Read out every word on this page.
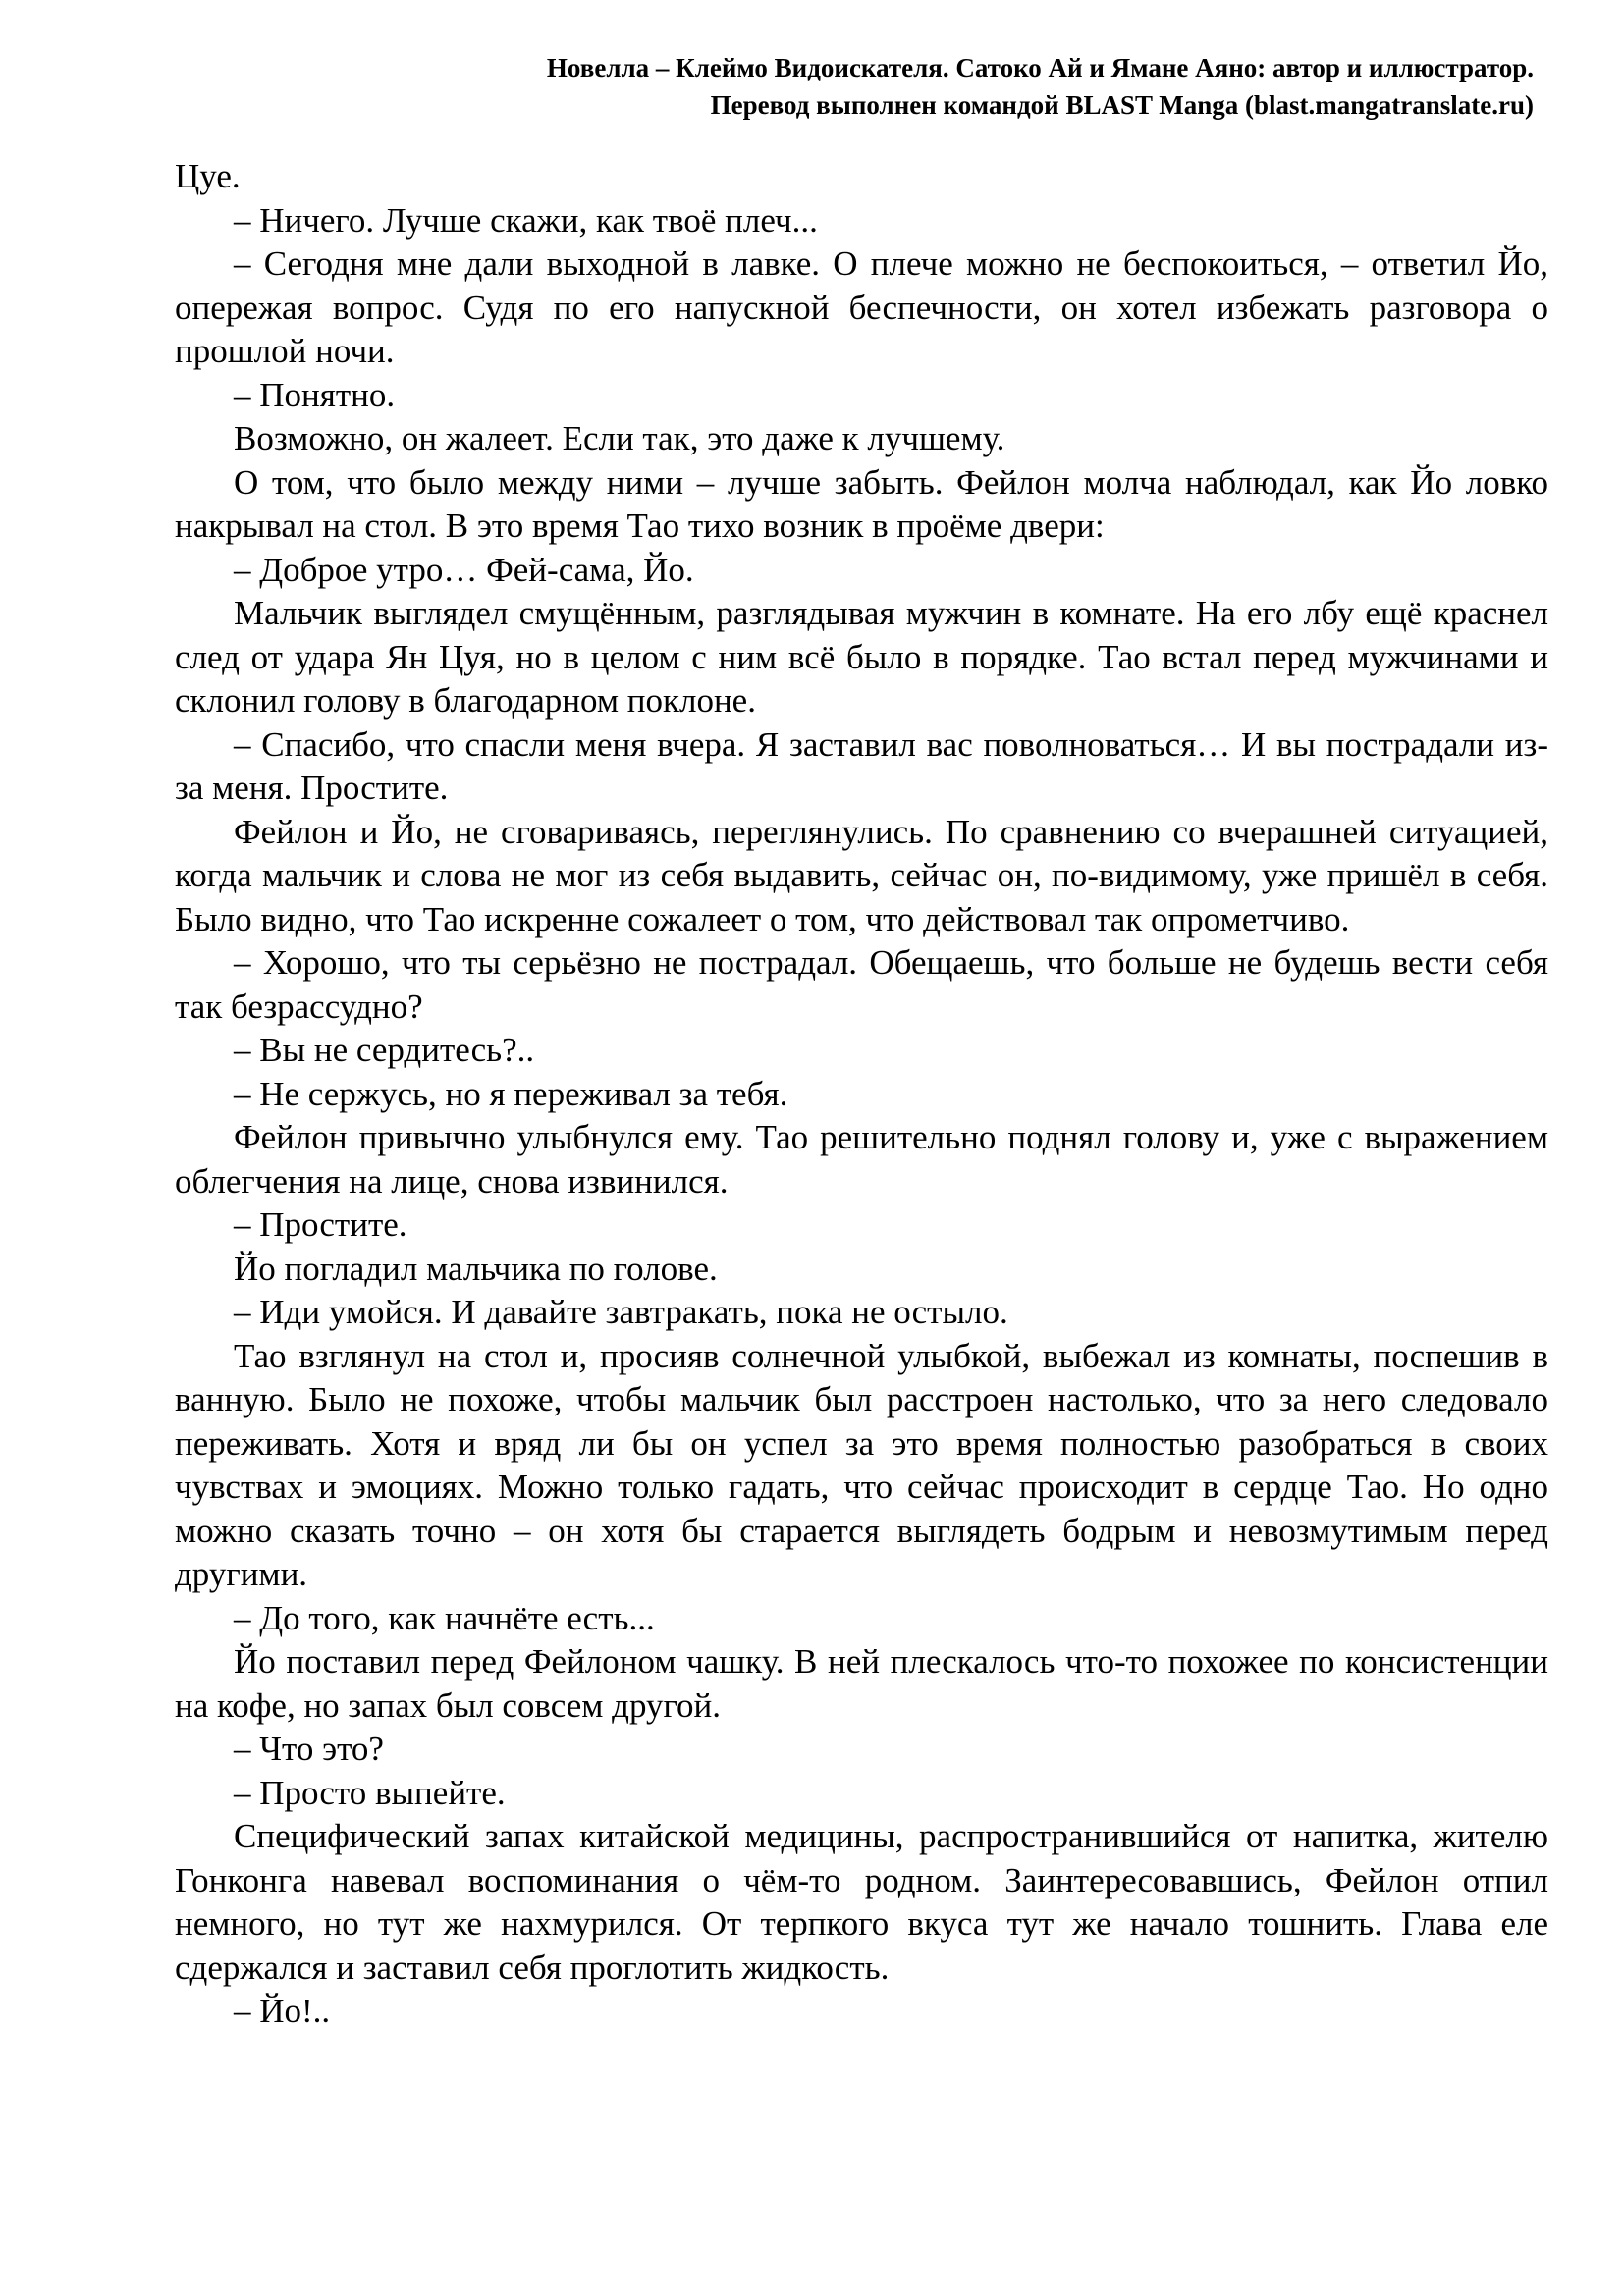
Новелла – Клеймо Видоискателя. Сатоко Ай и Ямане Аяно: автор и иллюстратор.
Перевод выполнен командой BLAST Manga (blast.mangatranslate.ru)

Цуе.

– Ничего. Лучше скажи, как твоё плеч...

– Сегодня мне дали выходной в лавке. О плече можно не беспокоиться, – ответил Йо, опережая вопрос. Судя по его напускной беспечности, он хотел избежать разговора о прошлой ночи.

– Понятно.

Возможно, он жалеет. Если так, это даже к лучшему.

О том, что было между ними – лучше забыть. Фейлон молча наблюдал, как Йо ловко накрывал на стол. В это время Тао тихо возник в проёме двери:

– Доброе утро… Фей-сама, Йо.

Мальчик выглядел смущённым, разглядывая мужчин в комнате. На его лбу ещё краснел след от удара Ян Цуя, но в целом с ним всё было в порядке. Тао встал перед мужчинами и склонил голову в благодарном поклоне.

– Спасибо, что спасли меня вчера. Я заставил вас поволноваться… И вы пострадали из-за меня. Простите.

Фейлон и Йо, не сговариваясь, переглянулись. По сравнению со вчерашней ситуацией, когда мальчик и слова не мог из себя выдавить, сейчас он, по-видимому, уже пришёл в себя. Было видно, что Тао искренне сожалеет о том, что действовал так опрометчиво.

– Хорошо, что ты серьёзно не пострадал. Обещаешь, что больше не будешь вести себя так безрассудно?

– Вы не сердитесь?..

– Не сержусь, но я переживал за тебя.

Фейлон привычно улыбнулся ему. Тао решительно поднял голову и, уже с выражением облегчения на лице, снова извинился.

– Простите.

Йо погладил мальчика по голове.

– Иди умойся. И давайте завтракать, пока не остыло.

Тао взглянул на стол и, просияв солнечной улыбкой, выбежал из комнаты, поспешив в ванную. Было не похоже, чтобы мальчик был расстроен настолько, что за него следовало переживать. Хотя и вряд ли бы он успел за это время полностью разобраться в своих чувствах и эмоциях. Можно только гадать, что сейчас происходит в сердце Тао. Но одно можно сказать точно – он хотя бы старается выглядеть бодрым и невозмутимым перед другими.

– До того, как начнёте есть...

Йо поставил перед Фейлоном чашку. В ней плескалось что-то похожее по консистенции на кофе, но запах был совсем другой.

– Что это?

– Просто выпейте.

Специфический запах китайской медицины, распространившийся от напитка, жителю Гонконга навевал воспоминания о чём-то родном. Заинтересовавшись, Фейлон отпил немного, но тут же нахмурился. От терпкого вкуса тут же начало тошнить. Глава еле сдержался и заставил себя проглотить жидкость.

– Йо!..
